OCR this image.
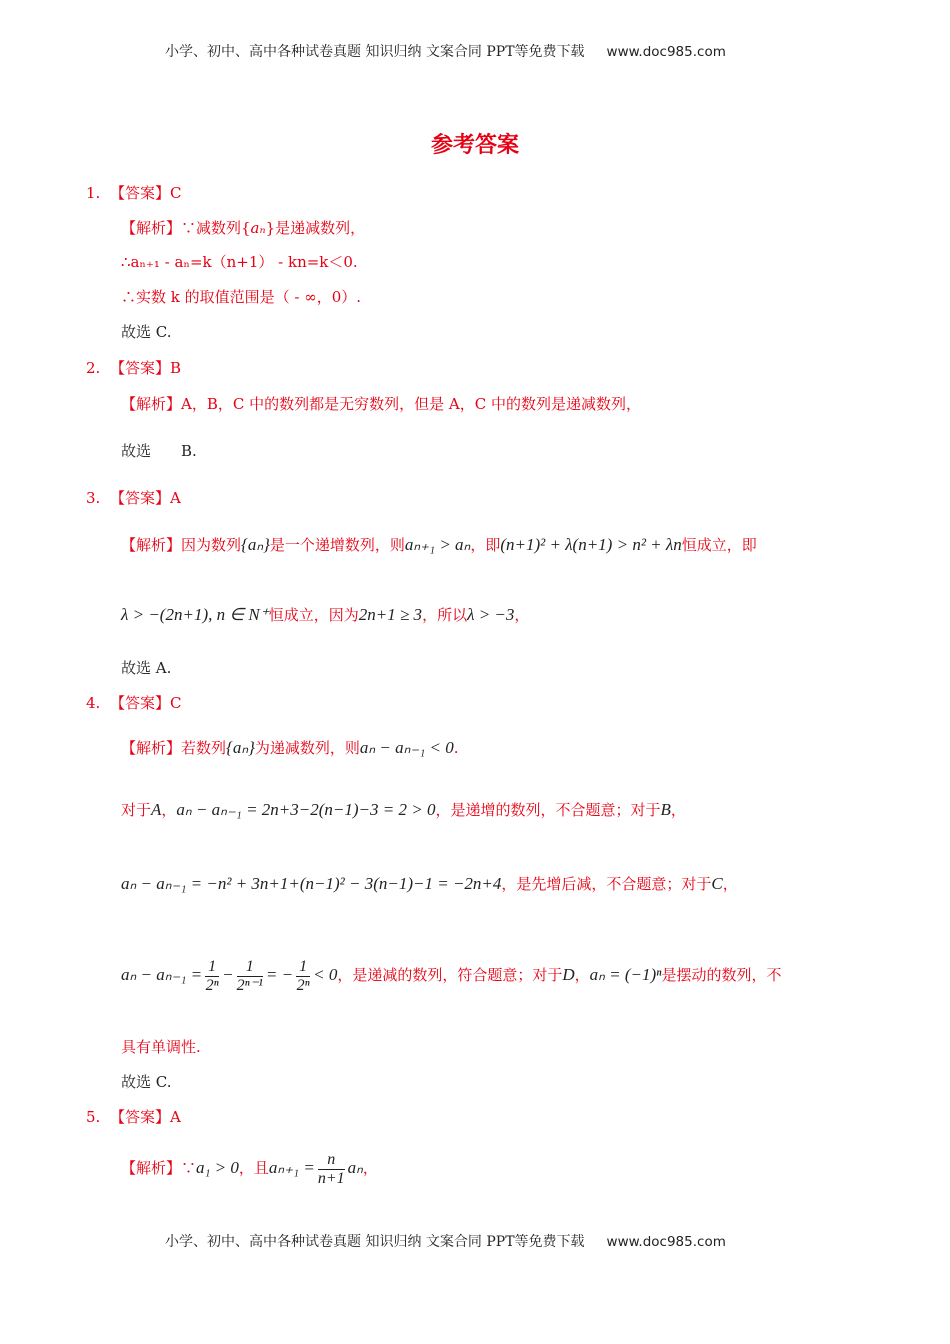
小学、初中、高中各种试卷真题 知识归纳 文案合同 PPT等免费下载 www.doc985.com
参考答案
1. 【答案】C
【解析】∵减数列{aₙ}是递减数列，
∴aₙ₊₁ - aₙ=k（n+1） - kn=k＜0.
∴实数 k 的取值范围是（ - ∞，0）.
故选 C.
2. 【答案】B
【解析】A，B，C 中的数列都是无穷数列，但是 A，C 中的数列是递减数列，
故选　　B.
3. 【答案】A
【解析】因为数列{aₙ}是一个递增数列，则aₙ₊₁ > aₙ，即(n+1)² + λ(n+1) > n² + λn恒成立，即
λ > −(2n+1), n ∈ N⁺恒成立，因为2n+1 ≥ 3，所以λ > −3，
故选 A.
4. 【答案】C
【解析】若数列{aₙ}为递减数列，则aₙ − aₙ₋₁ < 0.
对于A，aₙ − aₙ₋₁ = 2n+3−2(n−1)−3 = 2 > 0，是递增的数列，不合题意；对于B，
aₙ − aₙ₋₁ = −n² + 3n+1+(n−1)² − 3(n−1)−1 = −2n+4，是先增后减，不合题意；对于C，
$a_n - a_{n-1} = \frac{1}{\text{2ⁿ}} - \frac{1}{\text{2ⁿ⁻¹}}$ = − $\frac{1}{\text{2ⁿ}} < 0$，是递减的数列，符合题意；对于D，aₙ = (−1)ⁿ是摆动的数列，不
具有单调性.
故选 C.
5. 【答案】A
【解析】∵a₁ > 0，且$a_{n+1} = \frac{n}{n+1}$ aₙ，
小学、初中、高中各种试卷真题 知识归纳 文案合同 PPT等免费下载 www.doc985.com
